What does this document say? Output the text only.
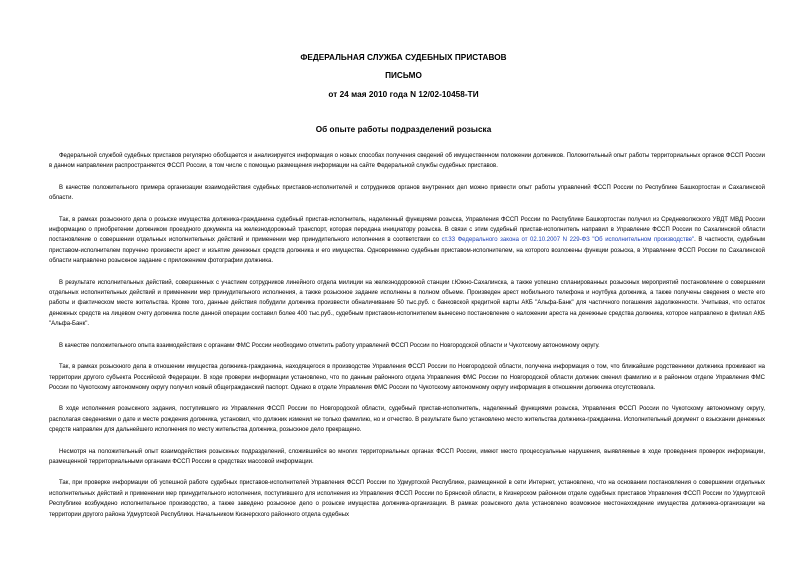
ФЕДЕРАЛЬНАЯ СЛУЖБА СУДЕБНЫХ ПРИСТАВОВ
ПИСЬМО
от 24 мая 2010 года N 12/02-10458-ТИ
Об опыте работы подразделений розыска

Федеральной службой судебных приставов регулярно обобщается и анализируется информация о новых способах получения сведений об имущественном положении должников. Положительный опыт работы территориальных органов ФССП России в данном направлении распространяется ФССП России, в том числе с помощью размещения информации на сайте Федеральной службы судебных приставов.

В качестве положительного примера организации взаимодействия судебных приставов-исполнителей и сотрудников органов внутренних дел можно привести опыт работы управлений ФССП России по Республике Башкортостан и Сахалинской области.

Так, в рамках розыскного дела о розыске имущества должника-гражданина судебный пристав-исполнитель, наделенный функциями розыска, Управления ФССП России по Республике Башкортостан получил из Средневолжского УВДТ МВД России информацию о приобретении должником проездного документа на железнодорожный транспорт, которая передана инициатору розыска. В связи с этим судебный пристав-исполнитель направил в Управление ФССП России по Сахалинской области постановление о совершении отдельных исполнительных действий и применении мер принудительного исполнения в соответствии со ст.33 Федерального закона от 02.10.2007 N 229-ФЗ "Об исполнительном производстве". В частности, судебным приставом-исполнителем поручено произвести арест и изъятие денежных средств должника и его имущества. Одновременно судебным приставом-исполнителем, на которого возложены функции розыска, в Управление ФССП России по Сахалинской области направлено розыскное задание с приложением фотографии должника.

В результате исполнительных действий, совершенных с участием сотрудников линейного отдела милиции на железнодорожной станции г.Южно-Сахалинска, а также успешно спланированных розыскных мероприятий постановление о совершении отдельных исполнительных действий и применении мер принудительного исполнения, а также розыскное задание исполнены в полном объеме. Произведен арест мобильного телефона и ноутбука должника, а также получены сведения о месте его работы и фактическом месте жительства. Кроме того, данные действия побудили должника произвести обналичивание 50 тыс.руб. с банковской кредитной карты АКБ "Альфа-Банк" для частичного погашения задолженности. Учитывая, что остаток денежных средств на лицевом счету должника после данной операции составил более 400 тыс.руб., судебным приставом-исполнителем вынесено постановление о наложении ареста на денежные средства должника, которое направлено в филиал АКБ "Альфа-Банк".

В качестве положительного опыта взаимодействия с органами ФМС России необходимо отметить работу управлений ФССП России по Новгородской области и Чукотскому автономному округу.

Так, в рамках розыскного дела в отношении имущества должника-гражданина, находящегося в производстве Управления ФССП России по Новгородской области, получена информация о том, что ближайшие родственники должника проживают на территории другого субъекта Российской Федерации. В ходе проверки информации установлено, что по данным районного отдела Управления ФМС России по Новгородской области должник сменил фамилию и в районном отделе Управления ФМС России по Чукотскому автономному округу получил новый общегражданский паспорт. Однако в отделе Управления ФМС России по Чукотскому автономному округу информация в отношении должника отсутствовала.

В ходе исполнения розыскного задания, поступившего из Управления ФССП России по Новгородской области, судебный пристав-исполнитель, наделенный функциями розыска, Управления ФССП России по Чукотскому автономному округу, располагая сведениями о дате и месте рождения должника, установил, что должник изменил не только фамилию, но и отчество. В результате было установлено место жительства должника-гражданина. Исполнительный документ о взыскании денежных средств направлен для дальнейшего исполнения по месту жительства должника, розыскное дело прекращено.

Несмотря на положительный опыт взаимодействия розыскных подразделений, сложившийся во многих территориальных органах ФССП России, имеют место процессуальные нарушения, выявляемые в ходе проведения проверок информации, размещенной территориальными органами ФССП России в средствах массовой информации.

Так, при проверке информации об успешной работе судебных приставов-исполнителей Управления ФССП России по Удмуртской Республике, размещенной в сети Интернет, установлено, что на основании постановления о совершении отдельных исполнительных действий и применении мер принудительного исполнения, поступившего для исполнения из Управления ФССП России по Брянской области, в Кизнерском районном отделе судебных приставов Управления ФССП России по Удмуртской Республике возбуждено исполнительное производство, а также заведено розыскное дело о розыске имущества должника-организации. В рамках розыскного дела установлено возможное местонахождение имущества должника-организации на территории другого района Удмуртской Республики. Начальником Кизнерского районного отдела судебных
